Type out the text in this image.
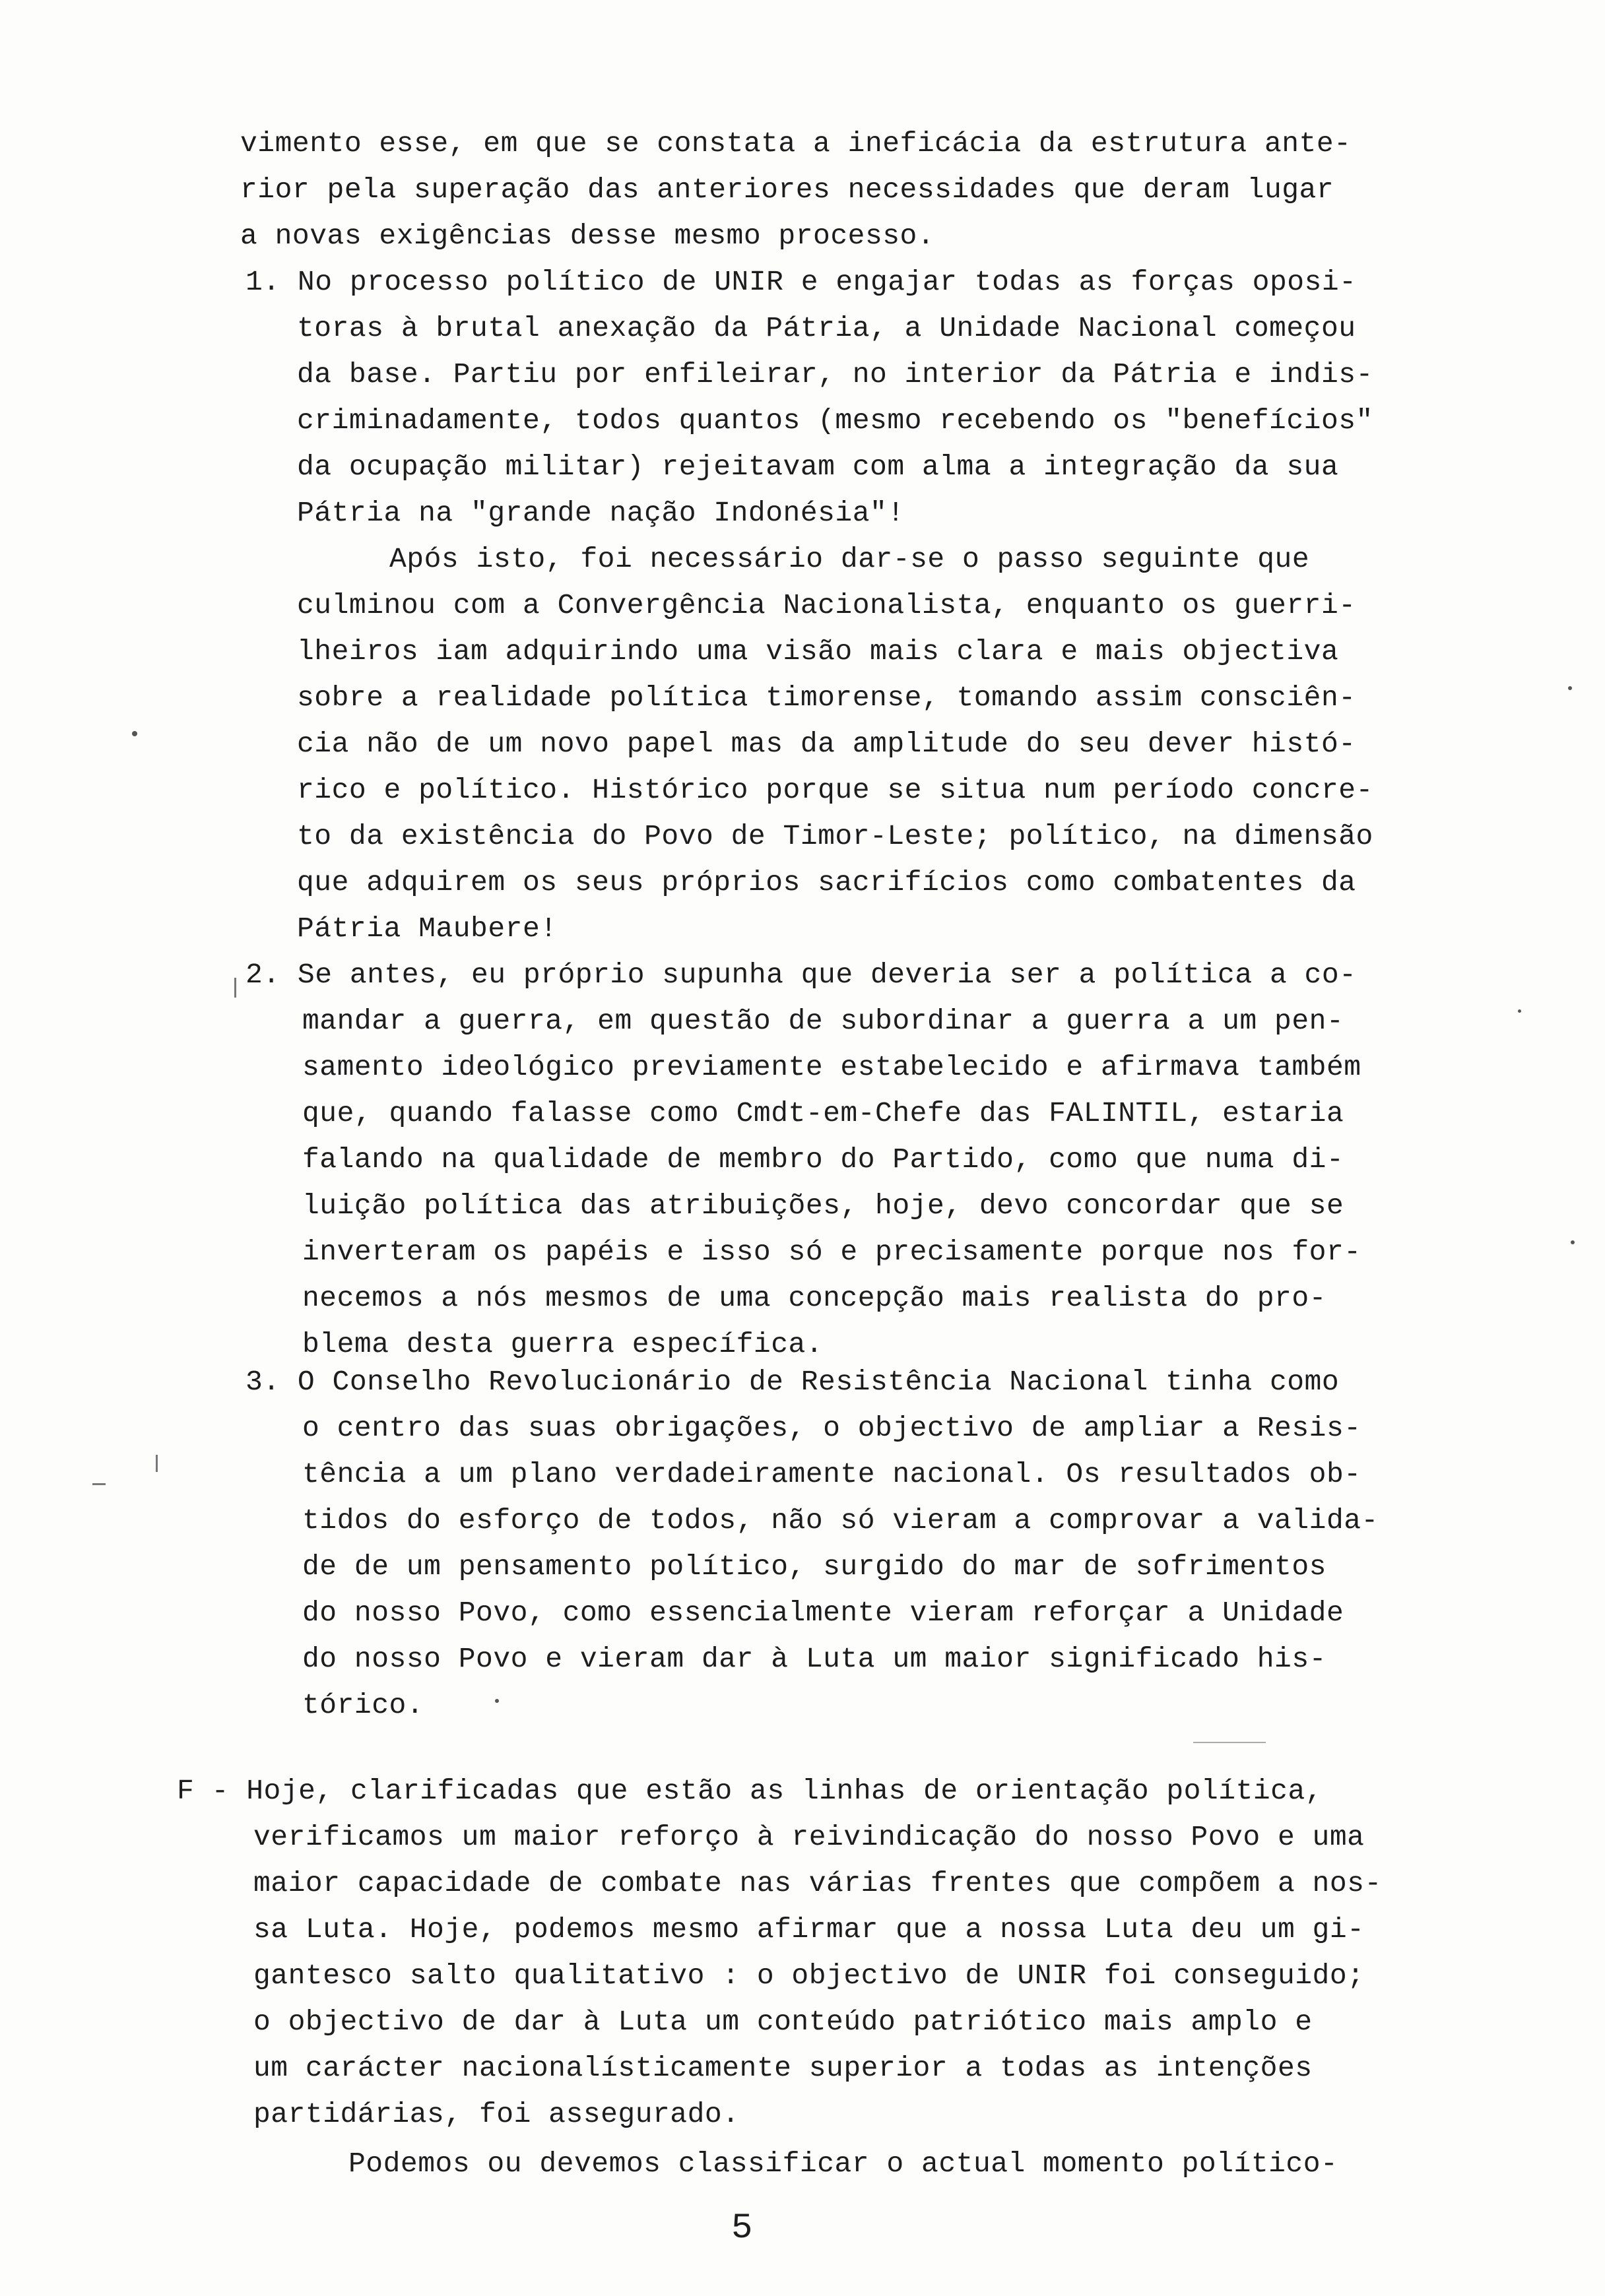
vimento esse, em que se constata a ineficácia da estrutura ante-
rior pela superação das anteriores necessidades que deram lugar
a novas exigências desse mesmo processo.
1. No processo político de UNIR e engajar todas as forças oposi-
toras à brutal anexação da Pátria, a Unidade Nacional começou
da base. Partiu por enfileirar, no interior da Pátria e indis-
criminadamente, todos quantos (mesmo recebendo os "benefícios"
da ocupação militar) rejeitavam com alma a integração da sua
Pátria na "grande nação Indonésia"!
Após isto, foi necessário dar-se o passo seguinte que
culminou com a Convergência Nacionalista, enquanto os guerri-
lheiros iam adquirindo uma visão mais clara e mais objectiva
sobre a realidade política timorense, tomando assim consciên-
cia não de um novo papel mas da amplitude do seu dever histó-
rico e político. Histórico porque se situa num período concre-
to da existência do Povo de Timor-Leste; político, na dimensão
que adquirem os seus próprios sacrifícios como combatentes da
Pátria Maubere!
2. Se antes, eu próprio supunha que deveria ser a política a co-
mandar a guerra, em questão de subordinar a guerra a um pen-
samento ideológico previamente estabelecido e afirmava também
que, quando falasse como Cmdt-em-Chefe das FALINTIL, estaria
falando na qualidade de membro do Partido, como que numa di-
luição política das atribuições, hoje, devo concordar que se
inverteram os papéis e isso só e precisamente porque nos for-
necemos a nós mesmos de uma concepção mais realista do pro-
blema desta guerra específica.
3. O Conselho Revolucionário de Resistência Nacional tinha como
o centro das suas obrigações, o objectivo de ampliar a Resis-
tência a um plano verdadeiramente nacional. Os resultados ob-
tidos do esforço de todos, não só vieram a comprovar a valida-
de de um pensamento político, surgido do mar de sofrimentos
do nosso Povo, como essencialmente vieram reforçar a Unidade
do nosso Povo e vieram dar à Luta um maior significado his-
tórico.
F - Hoje, clarificadas que estão as linhas de orientação política,
verificamos um maior reforço à reivindicação do nosso Povo e uma
maior capacidade de combate nas várias frentes que compõem a nos-
sa Luta. Hoje, podemos mesmo afirmar que a nossa Luta deu um gi-
gantesco salto qualitativo : o objectivo de UNIR foi conseguido;
o objectivo de dar à Luta um conteúdo patriótico mais amplo e
um carácter nacionalísticamente superior a todas as intenções
partidárias, foi assegurado.
Podemos ou devemos classificar o actual momento político-
5
